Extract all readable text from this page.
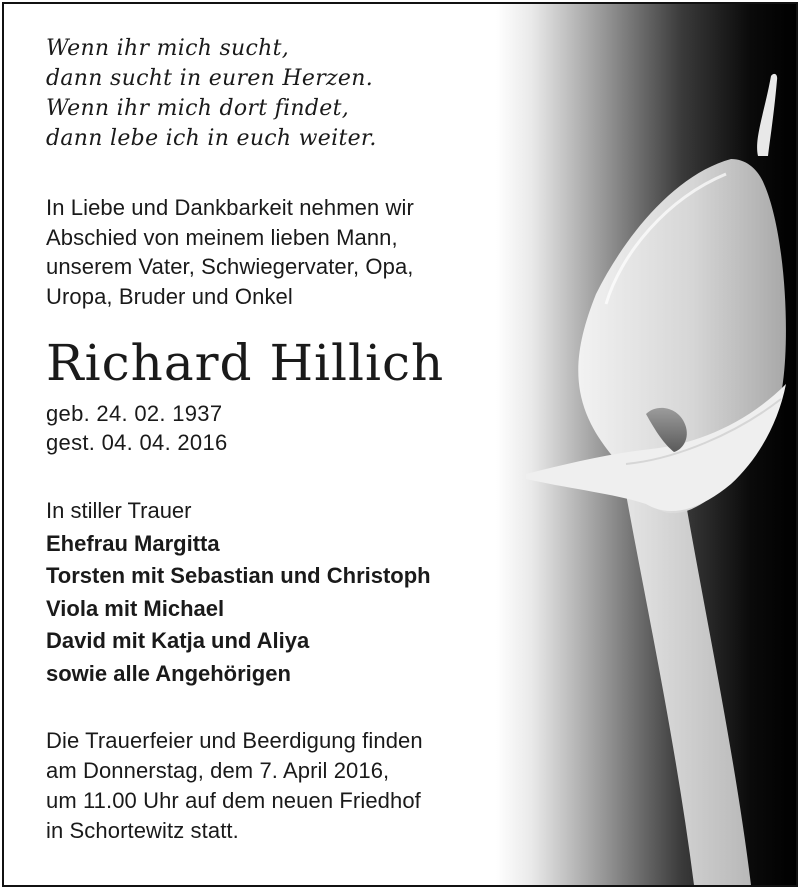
Wenn ihr mich sucht,
dann sucht in euren Herzen.
Wenn ihr mich dort findet,
dann lebe ich in euch weiter.
In Liebe und Dankbarkeit nehmen wir
Abschied von meinem lieben Mann,
unserem Vater, Schwiegervater, Opa,
Uropa, Bruder und Onkel
Richard Hillich
geb. 24. 02. 1937
gest. 04. 04. 2016
In stiller Trauer
Ehefrau Margitta
Torsten mit Sebastian und Christoph
Viola mit Michael
David mit Katja und Aliya
sowie alle Angehörigen
Die Trauerfeier und Beerdigung finden
am Donnerstag, dem 7. April 2016,
um 11.00 Uhr auf dem neuen Friedhof
in Schortewitz statt.
